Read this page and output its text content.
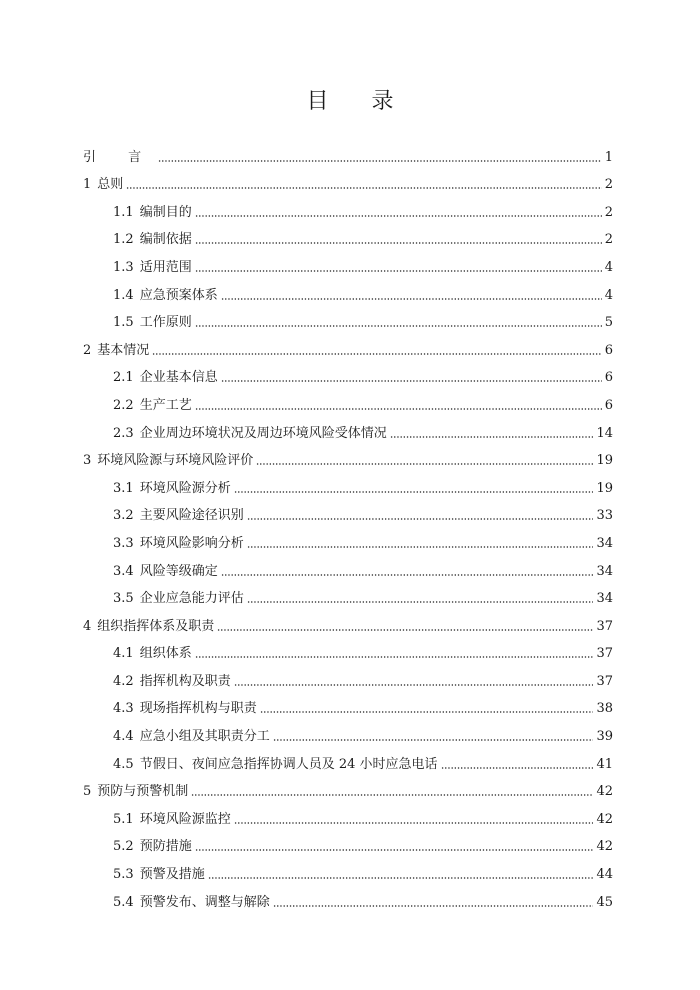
目 录
引 言	1
1 总则	2
1.1 编制目的	2
1.2 编制依据	2
1.3 适用范围	4
1.4 应急预案体系	4
1.5 工作原则	5
2 基本情况	6
2.1 企业基本信息	6
2.2 生产工艺	6
2.3 企业周边环境状况及周边环境风险受体情况	14
3 环境风险源与环境风险评价	19
3.1 环境风险源分析	19
3.2 主要风险途径识别	33
3.3 环境风险影响分析	34
3.4 风险等级确定	34
3.5 企业应急能力评估	34
4 组织指挥体系及职责	37
4.1 组织体系	37
4.2 指挥机构及职责	37
4.3 现场指挥机构与职责	38
4.4 应急小组及其职责分工	39
4.5 节假日、夜间应急指挥协调人员及 24 小时应急电话	41
5 预防与预警机制	42
5.1 环境风险源监控	42
5.2 预防措施	42
5.3 预警及措施	44
5.4 预警发布、调整与解除	45
